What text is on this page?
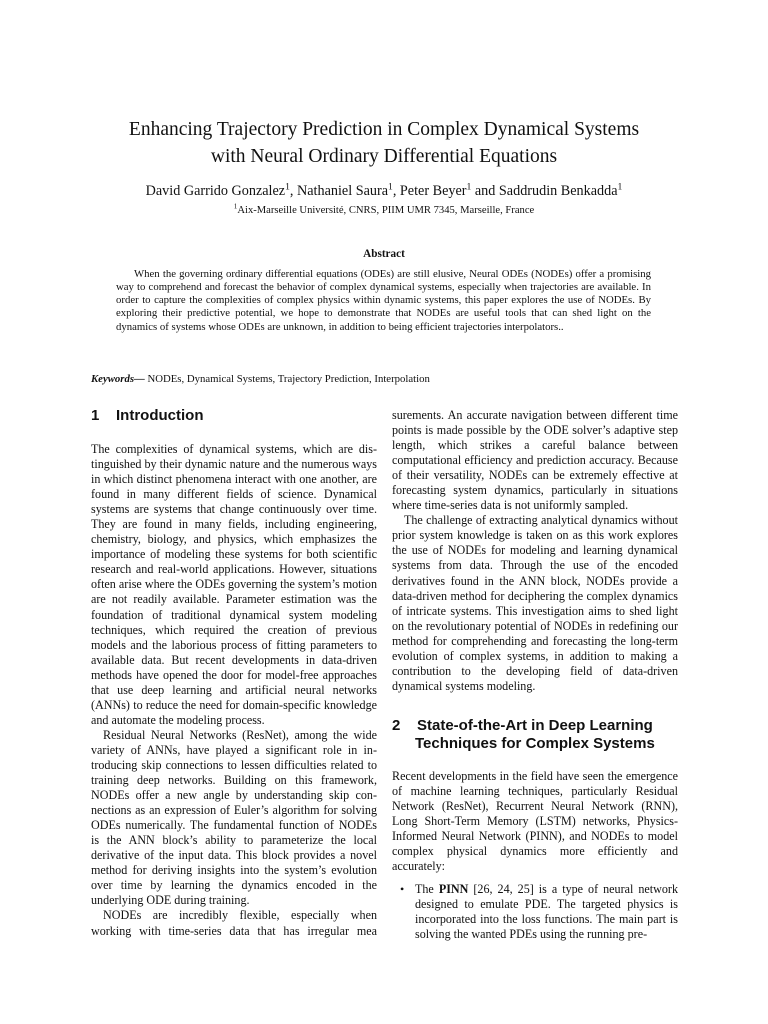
Enhancing Trajectory Prediction in Complex Dynamical Systems
with Neural Ordinary Differential Equations
David Garrido Gonzalez$^1$, Nathaniel Saura$^1$, Peter Beyer$^1$ and Saddrudin Benkadda$^1$
$^1$Aix-Marseille Université, CNRS, PIIM UMR 7345, Marseille, France
Abstract
When the governing ordinary differential equations (ODEs) are still elusive, Neural ODEs (NODEs) offer a promising way to comprehend and forecast the behavior of complex dynamical systems, especially when trajectories are available. In order to capture the complexities of complex physics within dynamic systems, this paper explores the use of NODEs. By exploring their predictive potential, we hope to demonstrate that NODEs are useful tools that can shed light on the dynamics of systems whose ODEs are unknown, in addition to being efficient trajectories interpolators..
Keywords— NODEs, Dynamical Systems, Trajectory Prediction, Interpolation
1 Introduction

The complexities of dynamical systems, which are distinguished by their dynamic nature and the numerous ways in which distinct phenomena interact with one another, are found in many different fields of science. Dynamical systems are systems that change continuously over time. They are found in many fields, including engineering, chemistry, biology, and physics, which emphasizes the importance of modeling these systems for both scientific research and real-world applications. However, situations often arise where the ODEs governing the system’s motion are not readily available. Parameter estimation was the foundation of traditional dynamical system modeling techniques, which required the creation of previous models and the laborious process of fitting parameters to available data. But recent developments in data-driven methods have opened the door for model-free approaches that use deep learning and artificial neural networks (ANNs) to reduce the need for domain-specific knowledge and automate the modeling process.

Residual Neural Networks (ResNet), among the wide variety of ANNs, have played a significant role in introducing skip connections to lessen difficulties related to training deep networks. Building on this framework, NODEs offer a new angle by understanding skip connections as an expression of Euler’s algorithm for solving ODEs numerically. The fundamental function of NODEs is the ANN block’s ability to parameterize the local derivative of the input data. This block provides a novel method for deriving insights into the system’s evolution over time by learning the dynamics encoded in the underlying ODE during training.

NODEs are incredibly flexible, especially when working with time-series data that has irregular mea

surements. An accurate navigation between different time points is made possible by the ODE solver’s adaptive step length, which strikes a careful balance between computational efficiency and prediction accuracy. Because of their versatility, NODEs can be extremely effective at forecasting system dynamics, particularly in situations where time-series data is not uniformly sampled.

The challenge of extracting analytical dynamics without prior system knowledge is taken on as this work explores the use of NODEs for modeling and learning dynamical systems from data. Through the use of the encoded derivatives found in the ANN block, NODEs provide a data-driven method for deciphering the complex dynamics of intricate systems. This investigation aims to shed light on the revolutionary potential of NODEs in redefining our method for comprehending and forecasting the long-term evolution of complex systems, in addition to making a contribution to the developing field of data-driven dynamical systems modeling.

2 State-of-the-Art in Deep Learning
Techniques for Complex Systems

Recent developments in the field have seen the emergence of machine learning techniques, particularly Residual Network (ResNet), Recurrent Neural Network (RNN), Long Short-Term Memory (LSTM) networks, Physics-Informed Neural Network (PINN), and NODEs to model complex physical dynamics more efficiently and accurately:

• The PINN [26, 24, 25] is a type of neural network designed to emulate PDE. The targeted physics is incorporated into the loss functions. The main part is solving the wanted PDEs using the running pre-
